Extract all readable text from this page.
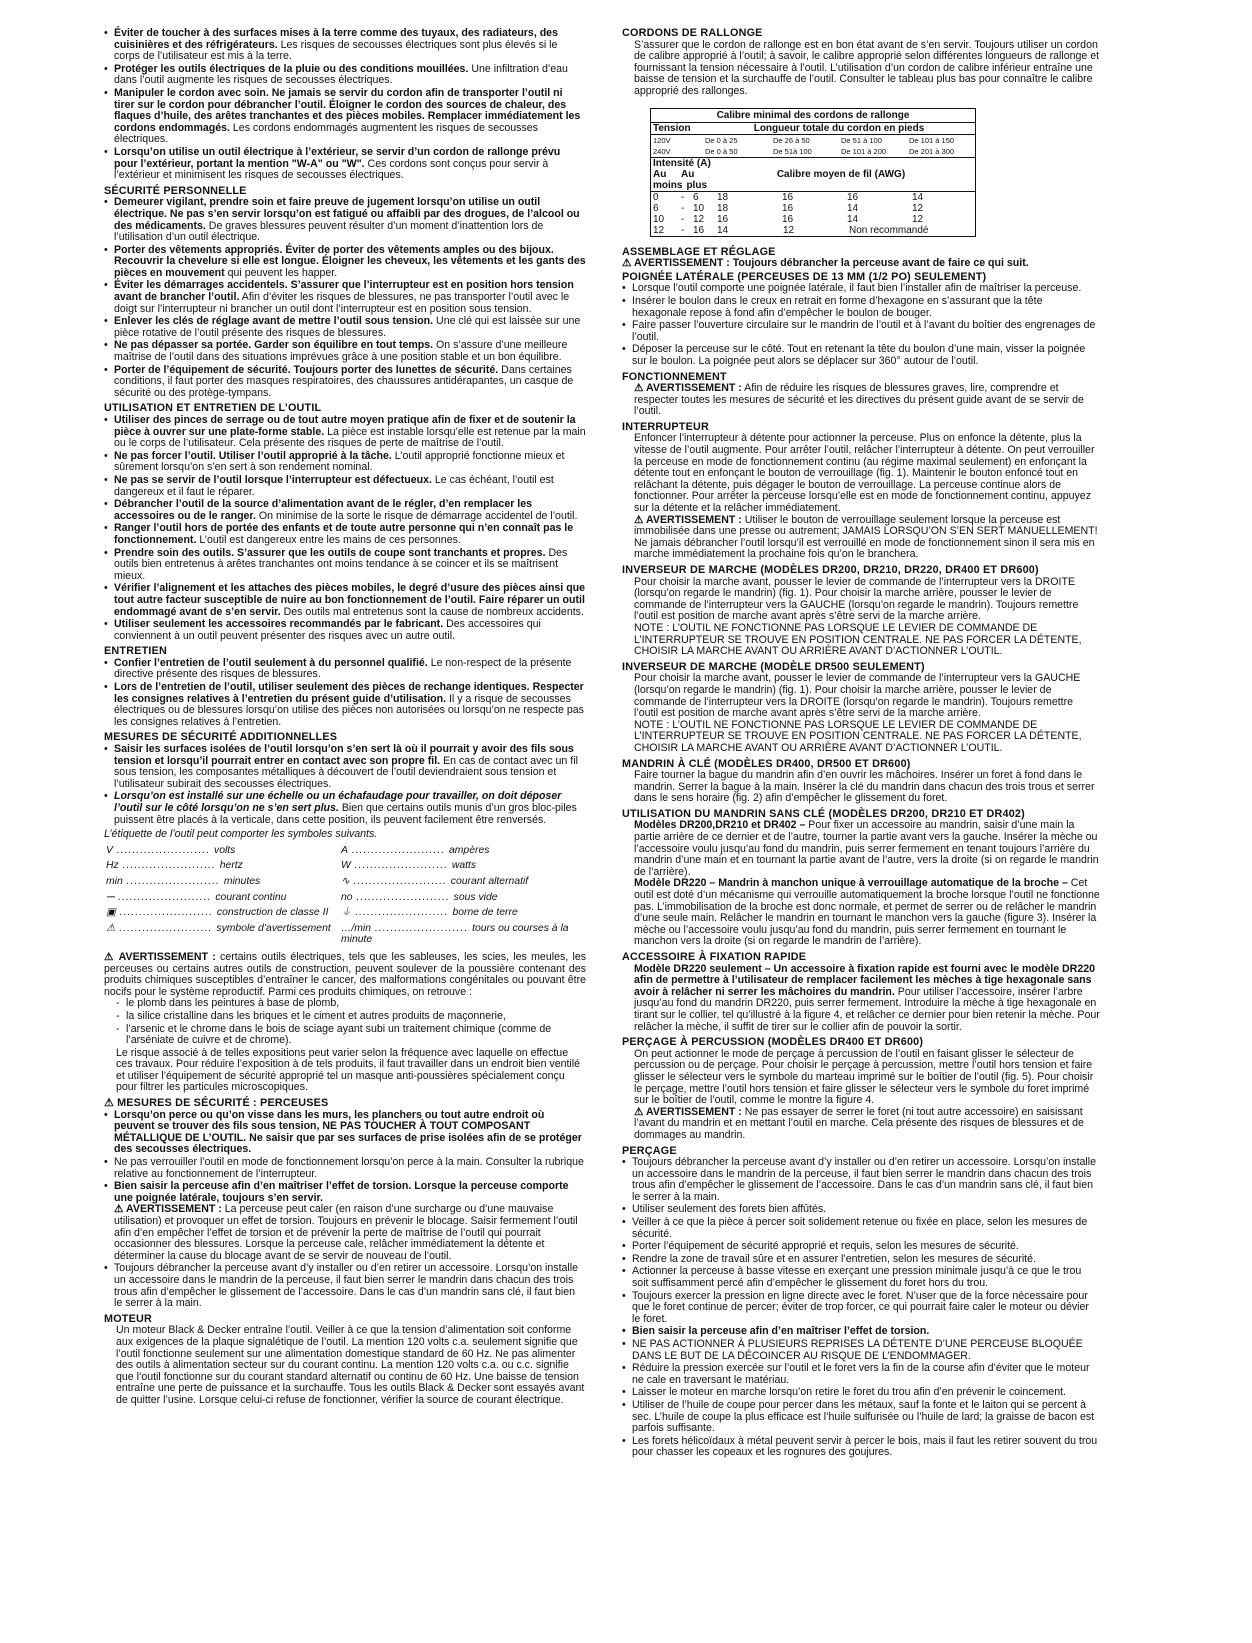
• Éviter de toucher à des surfaces mises à la terre comme des tuyaux, des radiateurs, des cuisinières et des réfrigérateurs. Les risques de secousses électriques sont plus élevés si le corps de l’utilisateur est mis à la terre.
• Protéger les outils électriques de la pluie ou des conditions mouillées. Une infiltration d’eau dans l’outil augmente les risques de secousses électriques.
• Manipuler le cordon avec soin. Ne jamais se servir du cordon afin de transporter l’outil ni tirer sur le cordon pour débrancher l’outil. Éloigner le cordon des sources de chaleur, des flaques d’huile, des arêtes tranchantes et des pièces mobiles. Remplacer immédiatement les cordons endommagés. Les cordons endommagés augmentent les risques de secousses électriques.
• Lorsqu’on utilise un outil électrique à l’extérieur, se servir d’un cordon de rallonge prévu pour l’extérieur, portant la mention "W-A" ou "W". Ces cordons sont conçus pour servir à l’extérieur et minimisent les risques de secousses électriques.
SÉCURITÉ PERSONNELLE
• Demeurer vigilant, prendre soin et faire preuve de jugement lorsqu’on utilise un outil électrique. Ne pas s’en servir lorsqu’on est fatigué ou affaibli par des drogues, de l’alcool ou des médicaments. De graves blessures peuvent résulter d’un moment d’inattention lors de l’utilisation d’un outil électrique.
• Porter des vêtements appropriés. Éviter de porter des vêtements amples ou des bijoux. Recouvrir la chevelure si elle est longue. Éloigner les cheveux, les vêtements et les gants des pièces en mouvement qui peuvent les happer.
• Éviter les démarrages accidentels. S’assurer que l’interrupteur est en position hors tension avant de brancher l’outil. Afin d’éviter les risques de blessures, ne pas transporter l’outil avec le doigt sur l’interrupteur ni brancher un outil dont l’interrupteur est en position sous tension.
• Enlever les clés de réglage avant de mettre l’outil sous tension. Une clé qui est laissée sur une pièce rotative de l’outil présente des risques de blessures.
• Ne pas dépasser sa portée. Garder son équilibre en tout temps. On s’assure d’une meilleure maîtrise de l’outil dans des situations imprévues grâce à une position stable et un bon équilibre.
• Porter de l’équipement de sécurité. Toujours porter des lunettes de sécurité. Dans certaines conditions, il faut porter des masques respiratoires, des chaussures antidérapantes, un casque de sécurité ou des protège-tympans.
UTILISATION ET ENTRETIEN DE L’OUTIL
• Utiliser des pinces de serrage ou de tout autre moyen pratique afin de fixer et de soutenir la pièce à ouvrer sur une plate-forme stable. La pièce est instable lorsqu’elle est retenue par la main ou le corps de l’utilisateur. Cela présente des risques de perte de maîtrise de l’outil.
• Ne pas forcer l’outil. Utiliser l’outil approprié à la tâche. L’outil approprié fonctionne mieux et sûrement lorsqu’on s’en sert à son rendement nominal.
• Ne pas se servir de l’outil lorsque l’interrupteur est défectueux. Le cas échéant, l’outil est dangereux et il faut le réparer.
• Débrancher l’outil de la source d’alimentation avant de le régler, d’en remplacer les accessoires ou de le ranger. On minimise de la sorte le risque de démarrage accidentel de l’outil.
• Ranger l’outil hors de portée des enfants et de toute autre personne qui n’en connaît pas le fonctionnement. L’outil est dangereux entre les mains de ces personnes.
• Prendre soin des outils. S’assurer que les outils de coupe sont tranchants et propres. Des outils bien entretenus à arêtes tranchantes ont moins tendance à se coincer et ils se maîtrisent mieux.
• Vérifier l’alignement et les attaches des pièces mobiles, le degré d’usure des pièces ainsi que tout autre facteur susceptible de nuire au bon fonctionnement de l’outil. Faire réparer un outil endommagé avant de s’en servir. Des outils mal entretenus sont la cause de nombreux accidents.
• Utiliser seulement les accessoires recommandés par le fabricant. Des accessoires qui conviennent à un outil peuvent présenter des risques avec un autre outil.
ENTRETIEN
• Confier l’entretien de l’outil seulement à du personnel qualifié. Le non-respect de la présente directive présente des risques de blessures.
• Lors de l’entretien de l’outil, utiliser seulement des pièces de rechange identiques. Respecter les consignes relatives à l’entretien du présent guide d’utilisation. Il y a risque de secousses électriques ou de blessures lorsqu’on utilise des pièces non autorisées ou lorsqu’on ne respecte pas les consignes relatives à l’entretien.
MESURES DE SÉCURITÉ ADDITIONNELLES
• Saisir les surfaces isolées de l’outil lorsqu’on s’en sert là où il pourrait y avoir des fils sous tension et lorsqu’il pourrait entrer en contact avec son propre fil. En cas de contact avec un fil sous tension, les composantes métalliques à découvert de l’outil deviendraient sous tension et l’utilisateur subirait des secousses électriques.
• Lorsqu’on est installé sur une échelle ou un échafaudage pour travailler, on doit déposer l’outil sur le côté lorsqu’on ne s’en sert plus. Bien que certains outils munis d’un gros bloc-piles puissent être placés à la verticale, dans cette position, ils peuvent facilement être renversés.

L’étiquette de l’outil peut comporter les symboles suivants.

V ........................ volts	A ........................ ampères
Hz ........................ hertz	W ........................ watts
min ........................ minutes	∿ ........................ courant alternatif
⎓ ........................ courant continu	no ........................ sous vide
▣ ........................ construction de classe II	⏚ ........................ borne de terre
⚠ ........................ symbole d’avertissement	…/min ........................ tours ou courses à la minute

⚠ AVERTISSEMENT : certains outils électriques, tels que les sableuses, les scies, les meules, les perceuses ou certains autres outils de construction, peuvent soulever de la poussière contenant des produits chimiques susceptibles d’entraîner le cancer, des malformations congénitales ou pouvant être nocifs pour le système reproductif. Parmi ces produits chimiques, on retrouve :

- le plomb dans les peintures à base de plomb,
- la silice cristalline dans les briques et le ciment et autres produits de maçonnerie,
- l’arsenic et le chrome dans le bois de sciage ayant subi un traitement chimique (comme de l’arséniate de cuivre et de chrome).

Le risque associé à de telles expositions peut varier selon la fréquence avec laquelle on effectue ces travaux. Pour réduire l’exposition à de tels produits, il faut travailler dans un endroit bien ventilé et utiliser l’équipement de sécurité approprié tel un masque anti-poussières spécialement conçu pour filtrer les particules microscopiques.

⚠ MESURES DE SÉCURITÉ : PERCEUSES
• Lorsqu’on perce ou qu’on visse dans les murs, les planchers ou tout autre endroit où peuvent se trouver des fils sous tension, NE PAS TOUCHER À TOUT COMPOSANT MÉTALLIQUE DE L’OUTIL. Ne saisir que par ses surfaces de prise isolées afin de se protéger des secousses électriques.
• Ne pas verrouiller l’outil en mode de fonctionnement lorsqu’on perce à la main. Consulter la rubrique relative au fonctionnement de l’interrupteur.
• Bien saisir la perceuse afin d’en maîtriser l’effet de torsion. Lorsque la perceuse comporte une poignée latérale, toujours s’en servir.
⚠ AVERTISSEMENT : La perceuse peut caler (en raison d’une surcharge ou d’une mauvaise utilisation) et provoquer un effet de torsion. Toujours en prévenir le blocage. Saisir fermement l’outil afin d’en empêcher l’effet de torsion et de prévenir la perte de maîtrise de l’outil qui pourrait occasionner des blessures. Lorsque la perceuse cale, relâcher immédiatement la détente et déterminer la cause du blocage avant de se servir de nouveau de l’outil.
• Toujours débrancher la perceuse avant d’y installer ou d’en retirer un accessoire. Lorsqu’on installe un accessoire dans le mandrin de la perceuse, il faut bien serrer le mandrin dans chacun des trois trous afin d’empêcher le glissement de l’accessoire. Dans le cas d’un mandrin sans clé, il faut bien le serrer à la main.
MOTEUR

Un moteur Black & Decker entraîne l’outil. Veiller à ce que la tension d’alimentation soit conforme aux exigences de la plaque signalétique de l’outil. La mention 120 volts c.a. seulement signifie que l’outil fonctionne seulement sur une alimentation domestique standard de 60 Hz. Ne pas alimenter des outils à alimentation secteur sur du courant continu. La mention 120 volts c.a. ou c.c. signifie que l’outil fonctionne sur du courant standard alternatif ou continu de 60 Hz. Une baisse de tension entraîne une perte de puissance et la surchauffe. Tous les outils Black & Decker sont essayés avant de quitter l’usine. Lorsque celui-ci refuse de fonctionner, vérifier la source de courant électrique.

CORDONS DE RALLONGE

S’assurer que le cordon de rallonge est en bon état avant de s’en servir. Toujours utiliser un cordon de calibre approprié à l’outil; à savoir, le calibre approprié selon différentes longueurs de rallonge et fournissant la tension nécessaire à l’outil. L’utilisation d’un cordon de calibre inférieur entraîne une baisse de tension et la surchauffe de l’outil. Consulter le tableau plus bas pour connaître le calibre approprié des rallonges.

Calibre minimal des cordons de rallonge
Tension	Longueur totale du cordon en pieds
120V	De 0 à 25	De 26 à 50	De 51 à 100	De 101 à 150
240V	De 0 à 50	De 51à 100	De 101 à 200	De 201 à 300
Intensité (A)
Au	Au	Calibre moyen de fil (AWG)
moins plus
0	- 6	18	16	16	14
6	- 10	18	16	14	12
10	- 12	16	16	14	12
12	- 16	14	12	Non recommandé
ASSEMBLAGE ET RÉGLAGE

⚠ AVERTISSEMENT : Toujours débrancher la perceuse avant de faire ce qui suit.

POIGNÉE LATÉRALE (PERCEUSES DE 13 MM (1/2 PO) SEULEMENT)
• Lorsque l’outil comporte une poignée latérale, il faut bien l’installer afin de maîtriser la perceuse.
• Insérer le boulon dans le creux en retrait en forme d’hexagone en s’assurant que la tête hexagonale repose à fond afin d’empêcher le boulon de bouger.
• Faire passer l’ouverture circulaire sur le mandrin de l’outil et à l’avant du boîtier des engrenages de l’outil.
• Déposer la perceuse sur le côté. Tout en retenant la tête du boulon d’une main, visser la poignée sur le boulon. La poignée peut alors se déplacer sur 360° autour de l’outil.
FONCTIONNEMENT

⚠ AVERTISSEMENT : Afin de réduire les risques de blessures graves, lire, comprendre et respecter toutes les mesures de sécurité et les directives du présent guide avant de se servir de l’outil.

INTERRUPTEUR

Enfoncer l’interrupteur à détente pour actionner la perceuse. Plus on enfonce la détente, plus la vitesse de l’outil augmente. Pour arrêter l’outil, relâcher l’interrupteur à détente. On peut verrouiller la perceuse en mode de fonctionnement continu (au régime maximal seulement) en enfonçant la détente tout en enfonçant le bouton de verrouillage (fig. 1). Maintenir le bouton enfoncé tout en relâchant la détente, puis dégager le bouton de verrouillage. La perceuse continue alors de fonctionner. Pour arrêter la perceuse lorsqu’elle est en mode de fonctionnement continu, appuyez sur la détente et la relâcher immédiatement.

⚠ AVERTISSEMENT : Utiliser le bouton de verrouillage seulement lorsque la perceuse est immobilisée dans une presse ou autrement; JAMAIS LORSQU’ON S’EN SERT MANUELLEMENT! Ne jamais débrancher l’outil lorsqu’il est verrouillé en mode de fonctionnement sinon il sera mis en marche immédiatement la prochaine fois qu’on le branchera.

INVERSEUR DE MARCHE (MODÈLES DR200, DR210, DR220, DR400 ET DR600)

Pour choisir la marche avant, pousser le levier de commande de l’interrupteur vers la DROITE (lorsqu’on regarde le mandrin) (fig. 1). Pour choisir la marche arrière, pousser le levier de commande de l’interrupteur vers la GAUCHE (lorsqu’on regarde le mandrin). Toujours remettre l’outil est position de marche avant après s’être servi de la marche arrière.

NOTE : L’OUTIL NE FONCTIONNE PAS LORSQUE LE LEVIER DE COMMANDE DE L’INTERRUPTEUR SE TROUVE EN POSITION CENTRALE. NE PAS FORCER LA DÉTENTE, CHOISIR LA MARCHE AVANT OU ARRIÈRE AVANT D’ACTIONNER L’OUTIL.

INVERSEUR DE MARCHE (MODÈLE DR500 SEULEMENT)

Pour choisir la marche avant, pousser le levier de commande de l’interrupteur vers la GAUCHE (lorsqu’on regarde le mandrin) (fig. 1). Pour choisir la marche arrière, pousser le levier de commande de l’interrupteur vers la DROITE (lorsqu’on regarde le mandrin). Toujours remettre l’outil est position de marche avant après s’être servi de la marche arrière.

NOTE : L’OUTIL NE FONCTIONNE PAS LORSQUE LE LEVIER DE COMMANDE DE L’INTERRUPTEUR SE TROUVE EN POSITION CENTRALE. NE PAS FORCER LA DÉTENTE, CHOISIR LA MARCHE AVANT OU ARRIÈRE AVANT D’ACTIONNER L’OUTIL.

MANDRIN À CLÉ (MODÈLES DR400, DR500 ET DR600)

Faire tourner la bague du mandrin afin d’en ouvrir les mâchoires. Insérer un foret à fond dans le mandrin. Serrer la bague à la main. Insérer la clé du mandrin dans chacun des trois trous et serrer dans le sens horaire (fig. 2) afin d’empêcher le glissement du foret.

UTILISATION DU MANDRIN SANS CLÉ (MODÈLES DR200, DR210 ET DR402)

Modèles DR200,DR210 et DR402 – Pour fixer un accessoire au mandrin, saisir d’une main la partie arrière de ce dernier et de l’autre, tourner la partie avant vers la gauche. Insérer la mèche ou l’accessoire voulu jusqu’au fond du mandrin, puis serrer fermement en tenant toujours l’arrière du mandrin d’une main et en tournant la partie avant de l’autre, vers la droite (si on regarde le mandrin de l’arrière).

Modèle DR220 – Mandrin à manchon unique à verrouillage automatique de la broche – Cet outil est doté d’un mécanisme qui verrouille automatiquement la broche lorsque l’outil ne fonctionne pas. L’immobilisation de la broche est donc normale, et permet de serrer ou de relâcher le mandrin d’une seule main. Relâcher le mandrin en tournant le manchon vers la gauche (figure 3). Insérer la mèche ou l’accessoire voulu jusqu’au fond du mandrin, puis serrer fermement en tournant le manchon vers la droite (si on regarde le mandrin de l’arrière).

ACCESSOIRE À FIXATION RAPIDE

Modèle DR220 seulement – Un accessoire à fixation rapide est fourni avec le modèle DR220 afin de permettre à l’utilisateur de remplacer facilement les mèches à tige hexagonale sans avoir à relâcher ni serrer les mâchoires du mandrin. Pour utiliser l’accessoire, insérer l’arbre jusqu’au fond du mandrin DR220, puis serrer fermement. Introduire la mèche à tige hexagonale en tirant sur le collier, tel qu’illustré à la figure 4, et relâcher ce dernier pour bien retenir la mèche. Pour relâcher la mèche, il suffit de tirer sur le collier afin de pouvoir la sortir.

PERÇAGE À PERCUSSION (MODÈLES DR400 ET DR600)

On peut actionner le mode de perçage à percussion de l’outil en faisant glisser le sélecteur de percussion ou de perçage. Pour choisir le perçage à percussion, mettre l’outil hors tension et faire glisser le sélecteur vers le symbole du marteau imprimé sur le boîtier de l’outil (fig. 5). Pour choisir le perçage, mettre l’outil hors tension et faire glisser le sélecteur vers le symbole du foret imprimé sur le boîtier de l’outil, comme le montre la figure 4.

⚠ AVERTISSEMENT : Ne pas essayer de serrer le foret (ni tout autre accessoire) en saisissant l’avant du mandrin et en mettant l’outil en marche. Cela présente des risques de blessures et de dommages au mandrin.

PERÇAGE
• Toujours débrancher la perceuse avant d’y installer ou d’en retirer un accessoire. Lorsqu’on installe un accessoire dans le mandrin de la perceuse, il faut bien serrer le mandrin dans chacun des trois trous afin d’empêcher le glissement de l’accessoire. Dans le cas d’un mandrin sans clé, il faut bien le serrer à la main.
• Utiliser seulement des forets bien affûtés.
• Veiller à ce que la pièce à percer soit solidement retenue ou fixée en place, selon les mesures de sécurité.
• Porter l’équipement de sécurité approprié et requis, selon les mesures de sécurité.
• Rendre la zone de travail sûre et en assurer l’entretien, selon les mesures de sécurité.
• Actionner la perceuse à basse vitesse en exerçant une pression minimale jusqu’à ce que le trou soit suffisamment percé afin d’empêcher le glissement du foret hors du trou.
• Toujours exercer la pression en ligne directe avec le foret. N’user que de la force nécessaire pour que le foret continue de percer; éviter de trop forcer, ce qui pourrait faire caler le moteur ou dévier le foret.
• Bien saisir la perceuse afin d’en maîtriser l’effet de torsion.
• NE PAS ACTIONNER À PLUSIEURS REPRISES LA DÉTENTE D’UNE PERCEUSE BLOQUÉE DANS LE BUT DE LA DÉCOINCER AU RISQUE DE L’ENDOMMAGER.
• Réduire la pression exercée sur l’outil et le foret vers la fin de la course afin d’éviter que le moteur ne cale en traversant le matériau.
• Laisser le moteur en marche lorsqu’on retire le foret du trou afin d’en prévenir le coincement.
• Utiliser de l’huile de coupe pour percer dans les métaux, sauf la fonte et le laiton qui se percent à sec. L’huile de coupe la plus efficace est l’huile sulfurisée ou l’huile de lard; la graisse de bacon est parfois suffisante.
• Les forets hélicoïdaux à métal peuvent servir à percer le bois, mais il faut les retirer souvent du trou pour chasser les copeaux et les rognures des goujures.
